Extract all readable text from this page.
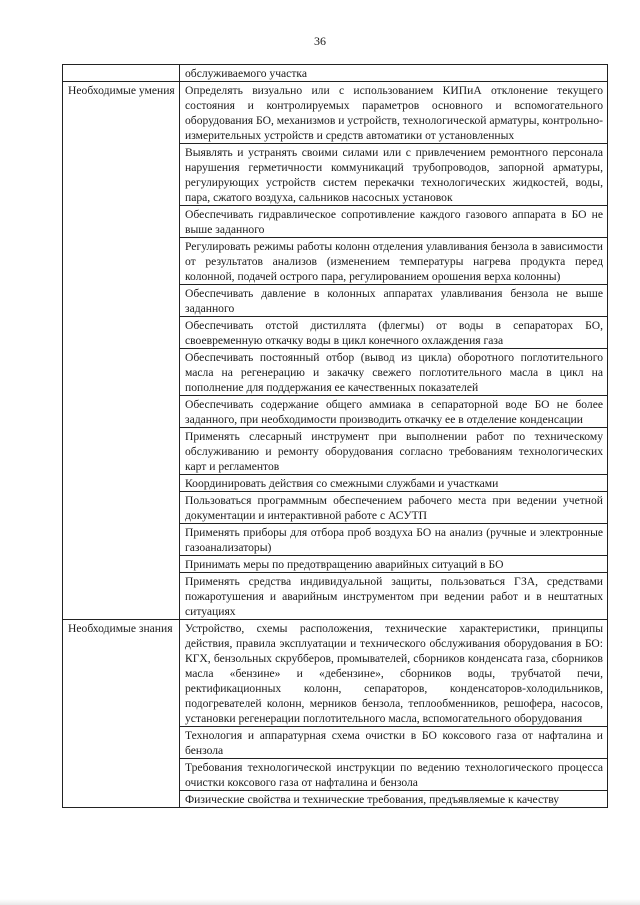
36
	обслуживаемого участка
Необходимые умения	Определять визуально или с использованием КИПиА отклонение текущего состояния и контролируемых параметров основного и вспомогательного оборудования БО, механизмов и устройств, технологической арматуры, контрольно-измерительных устройств и средств автоматики от установленных
	Выявлять и устранять своими силами или с привлечением ремонтного персонала нарушения герметичности коммуникаций трубопроводов, запорной арматуры, регулирующих устройств систем перекачки технологических жидкостей, воды, пара, сжатого воздуха, сальников насосных установок
	Обеспечивать гидравлическое сопротивление каждого газового аппарата в БО не выше заданного
	Регулировать режимы работы колонн отделения улавливания бензола в зависимости от результатов анализов (изменением температуры нагрева продукта перед колонной, подачей острого пара, регулированием орошения верха колонны)
	Обеспечивать давление в колонных аппаратах улавливания бензола не выше заданного
	Обеспечивать отстой дистиллята (флегмы) от воды в сепараторах БО, своевременную откачку воды в цикл конечного охлаждения газа
	Обеспечивать постоянный отбор (вывод из цикла) оборотного поглотительного масла на регенерацию и закачку свежего поглотительного масла в цикл на пополнение для поддержания ее качественных показателей
	Обеспечивать содержание общего аммиака в сепараторной воде БО не более заданного, при необходимости производить откачку ее в отделение конденсации
	Применять слесарный инструмент при выполнении работ по техническому обслуживанию и ремонту оборудования согласно требованиям технологических карт и регламентов
	Координировать действия со смежными службами и участками
	Пользоваться программным обеспечением рабочего места при ведении учетной документации и интерактивной работе с АСУТП
	Применять приборы для отбора проб воздуха БО на анализ (ручные и электронные газоанализаторы)
	Принимать меры по предотвращению аварийных ситуаций в БО
	Применять средства индивидуальной защиты, пользоваться ГЗА, средствами пожаротушения и аварийным инструментом при ведении работ и в нештатных ситуациях
Необходимые знания	Устройство, схемы расположения, технические характеристики, принципы действия, правила эксплуатации и технического обслуживания оборудования в БО: КГХ, бензольных скрубберов, промывателей, сборников конденсата газа, сборников масла «бензине» и «дебензине», сборников воды, трубчатой печи, ректификационных колонн, сепараторов, конденсаторов-холодильников, подогревателей колонн, мерников бензола, теплообменников, решофера, насосов, установки регенерации поглотительного масла, вспомогательного оборудования
	Технология и аппаратурная схема очистки в БО коксового газа от нафталина и бензола
	Требования технологической инструкции по ведению технологического процесса очистки коксового газа от нафталина и бензола
	Физические свойства и технические требования, предъявляемые к качеству
